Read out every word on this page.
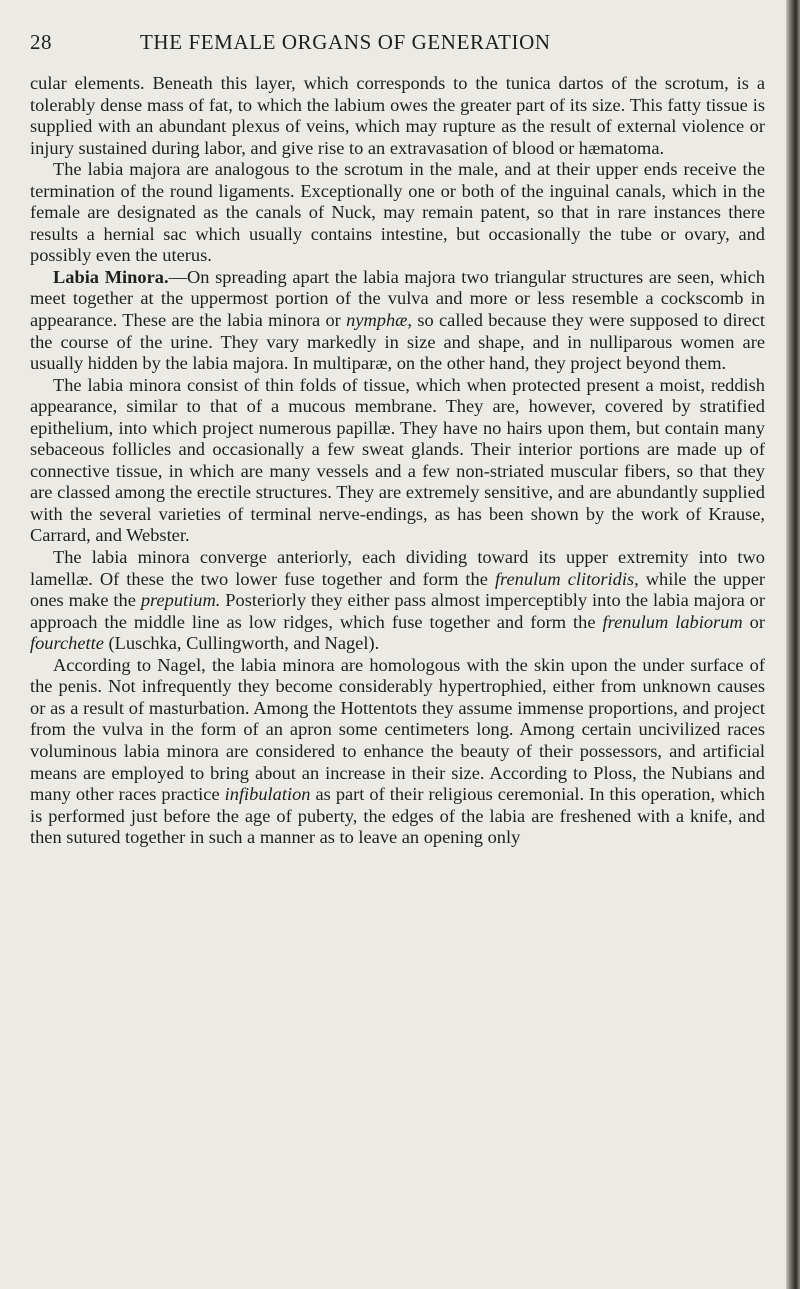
28	THE FEMALE ORGANS OF GENERATION

cular elements. Beneath this layer, which corresponds to the tunica dartos of the scrotum, is a tolerably dense mass of fat, to which the labium owes the greater part of its size. This fatty tissue is supplied with an abundant plexus of veins, which may rupture as the result of external violence or injury sustained during labor, and give rise to an extravasation of blood or hæmatoma.

The labia majora are analogous to the scrotum in the male, and at their upper ends receive the termination of the round ligaments. Exceptionally one or both of the inguinal canals, which in the female are designated as the canals of Nuck, may remain patent, so that in rare instances there results a hernial sac which usually contains intestine, but occasionally the tube or ovary, and possibly even the uterus.

Labia Minora.—On spreading apart the labia majora two triangular structures are seen, which meet together at the uppermost portion of the vulva and more or less resemble a cockscomb in appearance. These are the labia minora or nymphæ, so called because they were supposed to direct the course of the urine. They vary markedly in size and shape, and in nulliparous women are usually hidden by the labia majora. In multiparæ, on the other hand, they project beyond them.

The labia minora consist of thin folds of tissue, which when protected present a moist, reddish appearance, similar to that of a mucous membrane. They are, however, covered by stratified epithelium, into which project numerous papillæ. They have no hairs upon them, but contain many sebaceous follicles and occasionally a few sweat glands. Their interior portions are made up of connective tissue, in which are many vessels and a few non-striated muscular fibers, so that they are classed among the erectile structures. They are extremely sensitive, and are abundantly supplied with the several varieties of terminal nerve-endings, as has been shown by the work of Krause, Carrard, and Webster.

The labia minora converge anteriorly, each dividing toward its upper extremity into two lamellæ. Of these the two lower fuse together and form the frenulum clitoridis, while the upper ones make the preputium. Posteriorly they either pass almost imperceptibly into the labia majora or approach the middle line as low ridges, which fuse together and form the frenulum labiorum or fourchette (Luschka, Cullingworth, and Nagel).

According to Nagel, the labia minora are homologous with the skin upon the under surface of the penis. Not infrequently they become considerably hypertrophied, either from unknown causes or as a result of masturbation. Among the Hottentots they assume immense proportions, and project from the vulva in the form of an apron some centimeters long. Among certain uncivilized races voluminous labia minora are considered to enhance the beauty of their possessors, and artificial means are employed to bring about an increase in their size. According to Ploss, the Nubians and many other races practice infibulation as part of their religious ceremonial. In this operation, which is performed just before the age of puberty, the edges of the labia are freshened with a knife, and then sutured together in such a manner as to leave an opening only
